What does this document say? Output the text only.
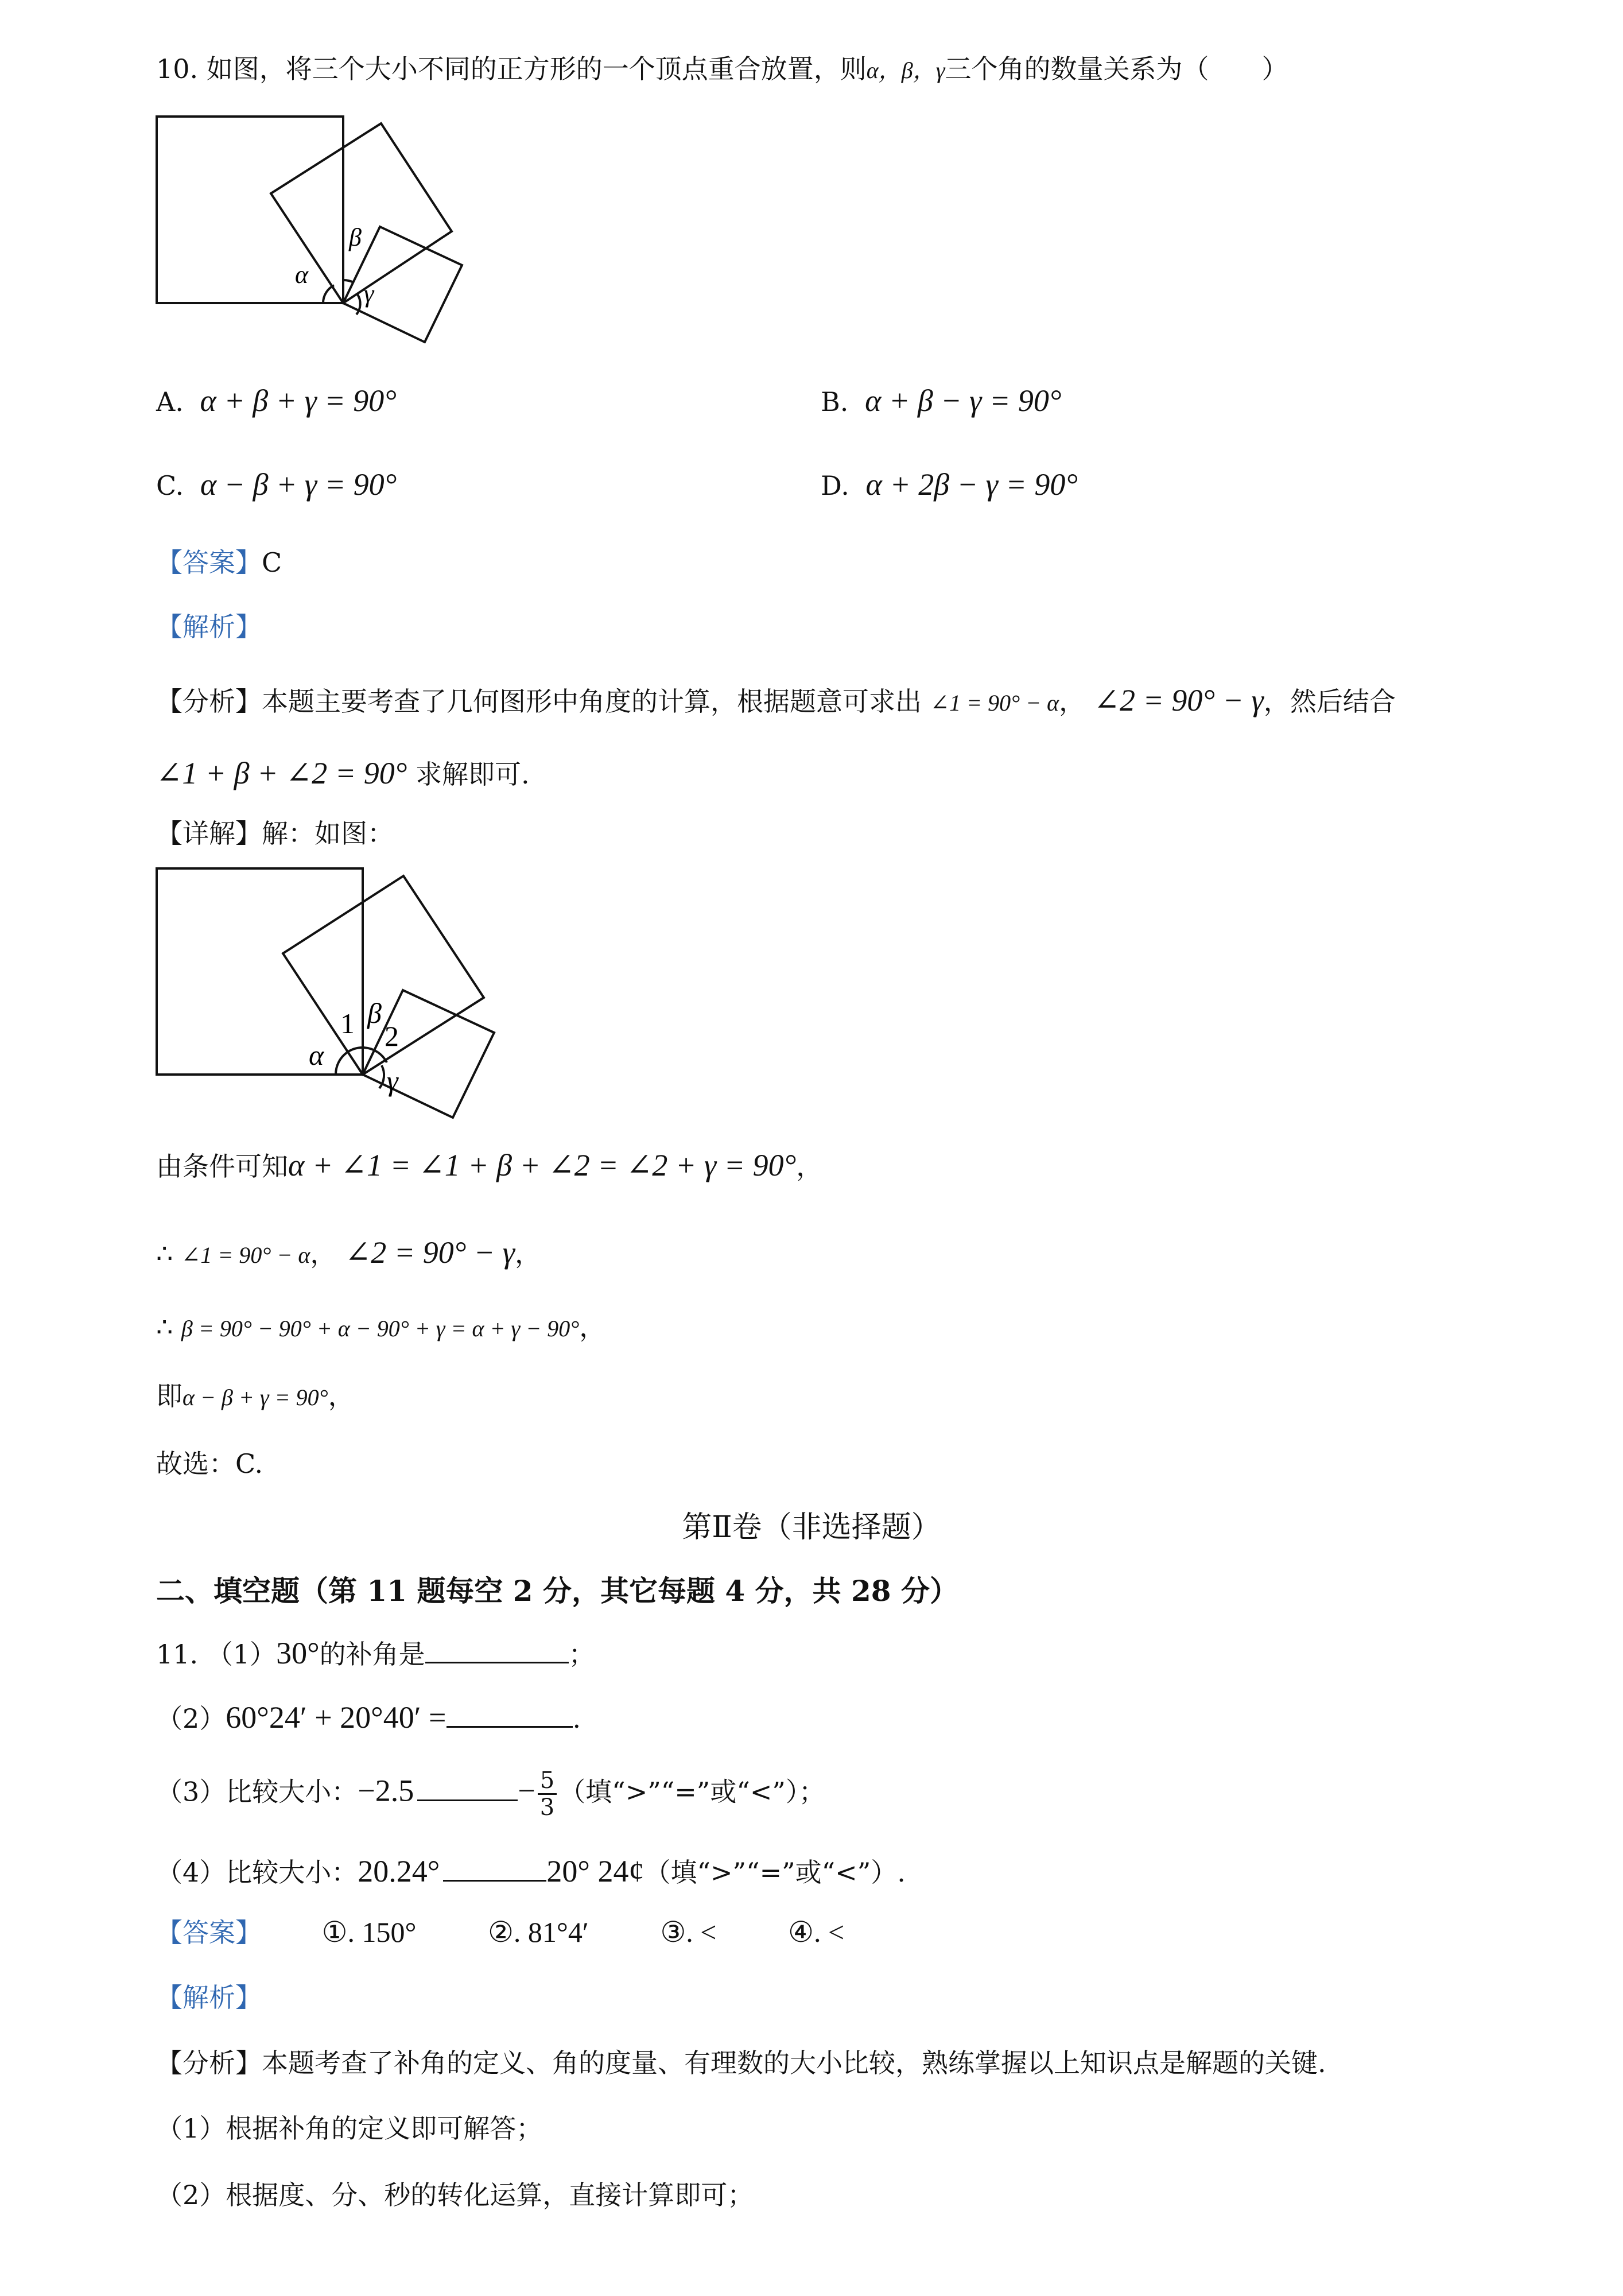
10. 如图，将三个大小不同的正方形的一个顶点重合放置，则α，β，γ三个角的数量关系为（　　）
α
β
γ
A. α + β + γ = 90°	B. α + β − γ = 90°
C. α − β + γ = 90°	D. α + 2β − γ = 90°
【答案】C
【解析】
【分析】本题主要考查了几何图形中角度的计算，根据题意可求出 ∠1 = 90° − α， ∠2 = 90° − γ，然后结合
∠1 + β + ∠2 = 90° 求解即可.
【详解】解：如图：
α
1 β
2
γ
由条件可知α + ∠1 = ∠1 + β + ∠2 = ∠2 + γ = 90°，
∴ ∠1 = 90° − α， ∠2 = 90° − γ，
∴ β = 90° − 90° + α − 90° + γ = α + γ − 90°，
即α − β + γ = 90°，
故选：C.
第Ⅱ卷（非选择题）
二、填空题（第 11 题每空 2 分，其它每题 4 分，共 28 分）
11. （1）30°的补角是	；
（2）60°24′ + 20°40′ =	.
（3）比较大小：−2.5	− $\frac{5}{3}$ （填“>”“=”或“<”）；
（4）比较大小：20.24°	20° 24¢（填“>”“=”或“<”）.
【答案】 ①. 150° ②. 81°4′ ③. < ④. <
【解析】
【分析】本题考查了补角的定义、角的度量、有理数的大小比较，熟练掌握以上知识点是解题的关键.
（1）根据补角的定义即可解答；
（2）根据度、分、秒的转化运算，直接计算即可；
